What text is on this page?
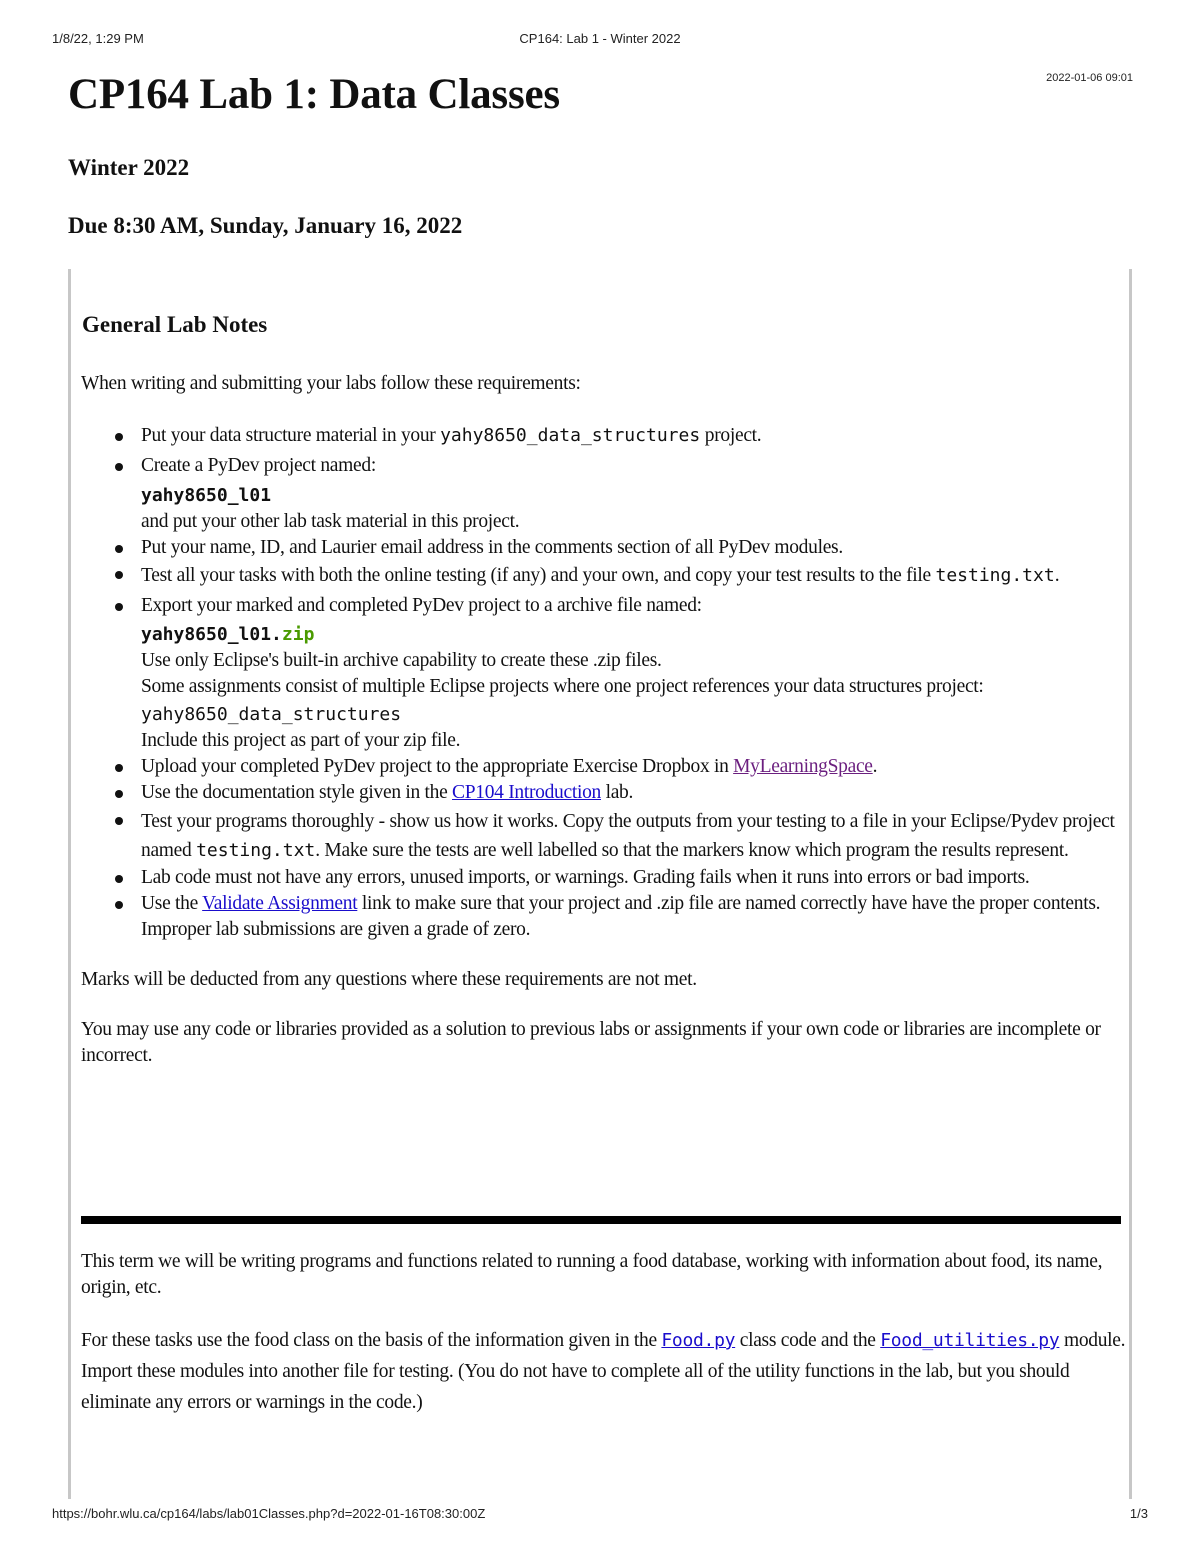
1/8/22, 1:29 PM	CP164: Lab 1 - Winter 2022
2022-01-06 09:01
CP164 Lab 1: Data Classes
Winter 2022
Due 8:30 AM, Sunday, January 16, 2022
General Lab Notes

When writing and submitting your labs follow these requirements:

Put your data structure material in your yahy8650_data_structures project.
Create a PyDev project named:
yahy8650_l01
and put your other lab task material in this project.
Put your name, ID, and Laurier email address in the comments section of all PyDev modules.
Test all your tasks with both the online testing (if any) and your own, and copy your test results to the file testing.txt.
Export your marked and completed PyDev project to a archive file named:
yahy8650_l01.zip
Use only Eclipse's built-in archive capability to create these .zip files.
Some assignments consist of multiple Eclipse projects where one project references your data structures project:
yahy8650_data_structures
Include this project as part of your zip file.
Upload your completed PyDev project to the appropriate Exercise Dropbox in MyLearningSpace.
Use the documentation style given in the CP104 Introduction lab.
Test your programs thoroughly - show us how it works. Copy the outputs from your testing to a file in your Eclipse/Pydev project named testing.txt. Make sure the tests are well labelled so that the markers know which program the results represent.
Lab code must not have any errors, unused imports, or warnings. Grading fails when it runs into errors or bad imports.
Use the Validate Assignment link to make sure that your project and .zip file are named correctly have have the proper contents. Improper lab submissions are given a grade of zero.

Marks will be deducted from any questions where these requirements are not met.

You may use any code or libraries provided as a solution to previous labs or assignments if your own code or libraries are incomplete or incorrect.

This term we will be writing programs and functions related to running a food database, working with information about food, its name, origin, etc.

For these tasks use the food class on the basis of the information given in the Food.py class code and the Food_utilities.py module. Import these modules into another file for testing. (You do not have to complete all of the utility functions in the lab, but you should eliminate any errors or warnings in the code.)

https://bohr.wlu.ca/cp164/labs/lab01Classes.php?d=2022-01-16T08:30:00Z	1/3
